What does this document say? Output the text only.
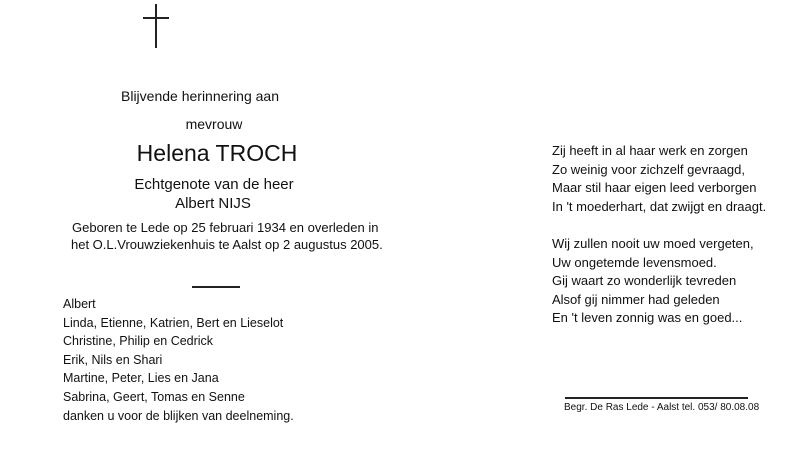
Blijvende herinnering aan
mevrouw
Helena TROCH
Echtgenote van de heer
Albert NIJS
Geboren te Lede op 25 februari 1934 en overleden in
het O.L.Vrouwziekenhuis te Aalst op 2 augustus 2005.
Albert
Linda, Etienne, Katrien, Bert en Lieselot
Christine, Philip en Cedrick
Erik, Nils en Shari
Martine, Peter, Lies en Jana
Sabrina, Geert, Tomas en Senne
danken u voor de blijken van deelneming.
Zij heeft in al haar werk en zorgen
Zo weinig voor zichzelf gevraagd,
Maar stil haar eigen leed verborgen
In 't moederhart, dat zwijgt en draagt.
Wij zullen nooit uw moed vergeten,
Uw ongetemde levensmoed.
Gij waart zo wonderlijk tevreden
Alsof gij nimmer had geleden
En 't leven zonnig was en goed...
Begr. De Ras Lede - Aalst tel. 053/ 80.08.08
